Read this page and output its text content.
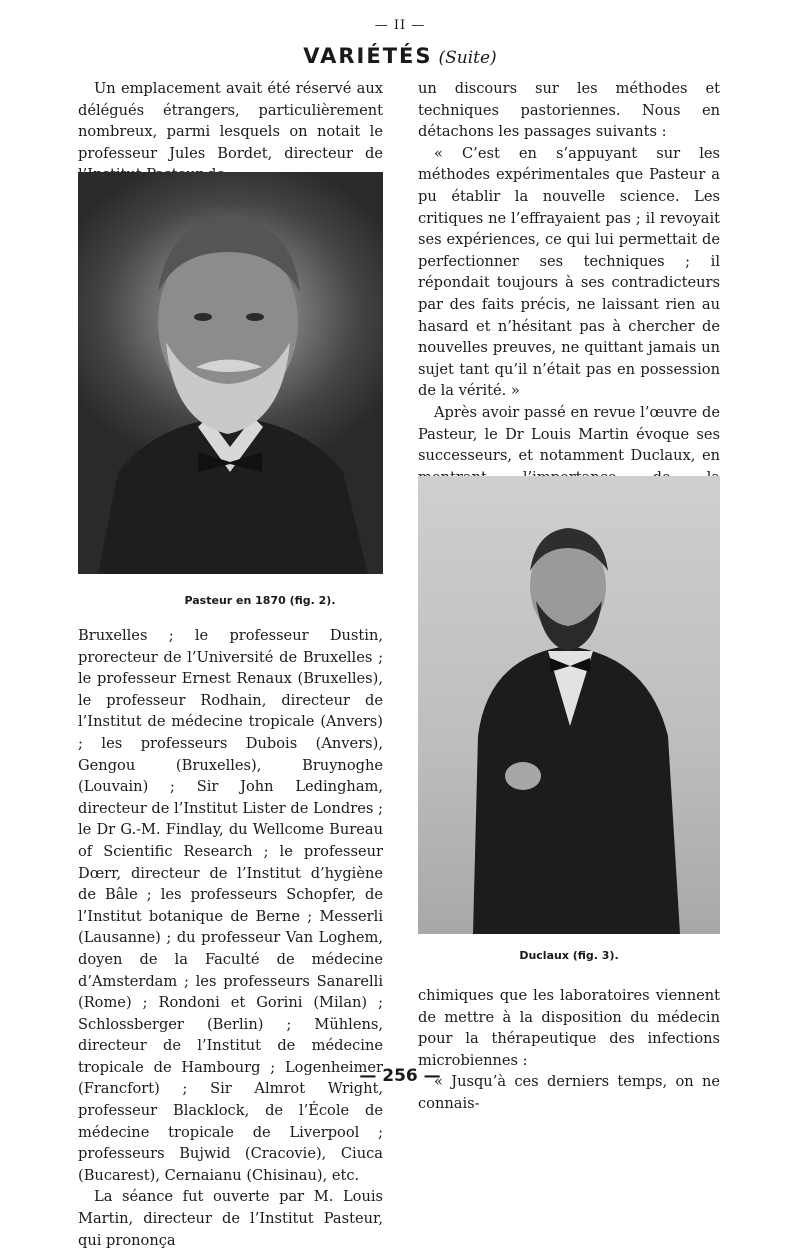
— II —
VARIÉTÉS (Suite)

Un emplacement avait été réservé aux délégués étrangers, particulièrement nombreux, parmi lesquels on notait le professeur Jules Bordet, directeur de

Pasteur en 1870 (fig. 2).

Bruxelles ; le professeur Dustin, prorecteur de l’Université de Bruxelles ; le professeur Ernest Renaux (Bruxelles), le professeur Rodhain, directeur de l’Institut de médecine tropicale (Anvers) ; les professeurs Dubois (Anvers), Gengou (Bruxelles), Bruynoghe (Louvain) ; Sir John Ledingham, directeur de l’Institut Lister de Londres ; le Dr G.-M. Findlay, du Wellcome Bureau of Scientific Research ; le professeur Dœrr, directeur de l’Institut d’hygiène de Bâle ; les professeurs Schopfer, de l’Institut botanique de Berne ; Messerli (Lausanne) ; du professeur Van Loghem, doyen de la Faculté de médecine d’Amsterdam ; les professeurs Sanarelli (Rome) ; Rondoni et Gorini (Milan) ; Schlossberger (Berlin) ; Mühlens, directeur de l’Institut de médecine tropicale de Hambourg ; Logenheimer (Francfort) ; Sir Almrot Wright, professeur Blacklock, de l’École de médecine tropicale de Liverpool ; professeurs Bujwid (Cracovie), Ciuca (Bucarest), Cernaianu (Chisinau), etc.

La séance fut ouverte par M. Louis Martin, directeur de l’Institut Pasteur, qui prononça

un discours sur les méthodes et techniques pastoriennes. Nous en détachons les passages suivants :

« C’est en s’appuyant sur les méthodes expérimentales que Pasteur a pu établir la nouvelle science. Les critiques ne l’effrayaient pas ; il revoyait ses expériences, ce qui lui permettait de perfectionner ses techniques ; il répondait toujours à ses contradicteurs par des faits précis, ne laissant rien au hasard et n’hésitant pas à chercher de nouvelles preuves, ne quittant jamais un sujet tant qu’il n’était pas en possession de la vérité. »

Après avoir passé en revue l’œuvre de Pasteur, le Dr Louis Martin évoque ses successeurs, et notamment Duclaux, en

Duclaux (fig. 3).

chimiques que les laboratoires viennent de mettre à la disposition du médecin pour la thérapeutique des infections microbiennes :

« Jusqu’à ces derniers temps, on ne connais-

— 256 —
